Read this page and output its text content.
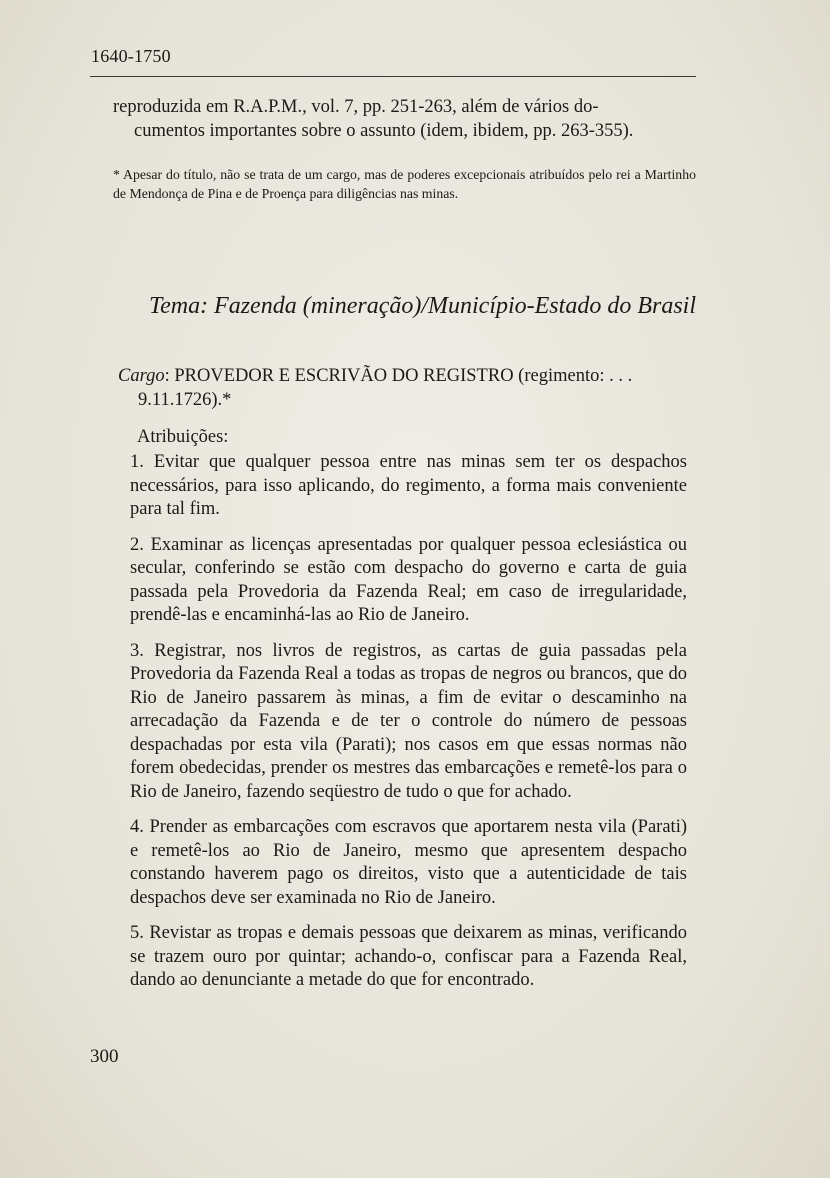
1640-1750

reproduzida em R.A.P.M., vol. 7, pp. 251-263, além de vários do-

cumentos importantes sobre o assunto (idem, ibidem, pp. 263-355).

* Apesar do título, não se trata de um cargo, mas de poderes excepcionais atribuídos pelo rei a Martinho de Mendonça de Pina e de Proença para diligências nas minas.
Tema: Fazenda (mineração)/Município-Estado do Brasil
Cargo: PROVEDOR E ESCRIVÃO DO REGISTRO (regimento: . . .
9.11.1726).*
Atribuições:

1. Evitar que qualquer pessoa entre nas minas sem ter os despachos necessários, para isso aplicando, do regimento, a forma mais conveniente para tal fim.

2. Examinar as licenças apresentadas por qualquer pessoa eclesiástica ou secular, conferindo se estão com despacho do governo e carta de guia passada pela Provedoria da Fazenda Real; em caso de irregularidade, prendê-las e encaminhá-las ao Rio de Janeiro.

3. Registrar, nos livros de registros, as cartas de guia passadas pela Provedoria da Fazenda Real a todas as tropas de negros ou brancos, que do Rio de Janeiro passarem às minas, a fim de evitar o descaminho na arrecadação da Fazenda e de ter o controle do número de pessoas despachadas por esta vila (Parati); nos casos em que essas normas não forem obedecidas, prender os mestres das embarcações e remetê-los para o Rio de Janeiro, fazendo seqüestro de tudo o que for achado.

4. Prender as embarcações com escravos que aportarem nesta vila (Parati) e remetê-los ao Rio de Janeiro, mesmo que apresentem despacho constando haverem pago os direitos, visto que a autenticidade de tais despachos deve ser examinada no Rio de Janeiro.

5. Revistar as tropas e demais pessoas que deixarem as minas, verificando se trazem ouro por quintar; achando-o, confiscar para a Fazenda Real, dando ao denunciante a metade do que for encontrado.

300
